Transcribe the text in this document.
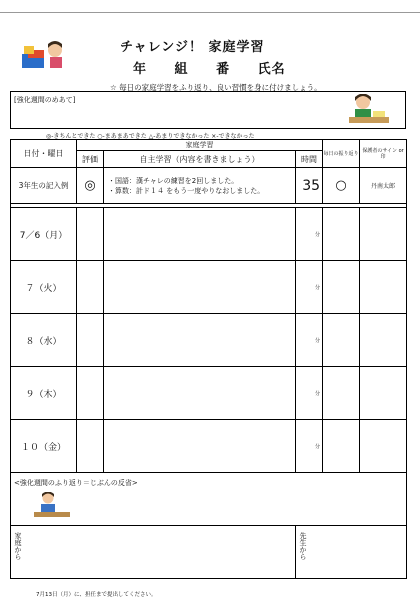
チャレンジ！ 家庭学習
年 組 番 氏名
☆ 毎日の家庭学習をふり返り、良い習慣を身に付けましょう。
[強化週間のめあて]
◎-きちんとできた ○-まあまあできた △-あまりできなかった ×-できなかった
日付・曜日	家庭学習			毎日の振り返り	保護者のサイン or 印
	評価	自主学習（内容を書きましょう）	時間		
3年生の記入例	◎	・国語：漢チャレの練習を2回しました。
・算数：計ド１４ をもう一度やりなおしました。	35	○	丹南太郎

7／6（月）			分		
７（火）			分		
８（水）			分		
９（木）			分		
１０（金）			分		

<強化週間のふり返り＝じぶんの反省>					

家庭から			先生から		
7月13日（月）に、担任まで提出してください。
